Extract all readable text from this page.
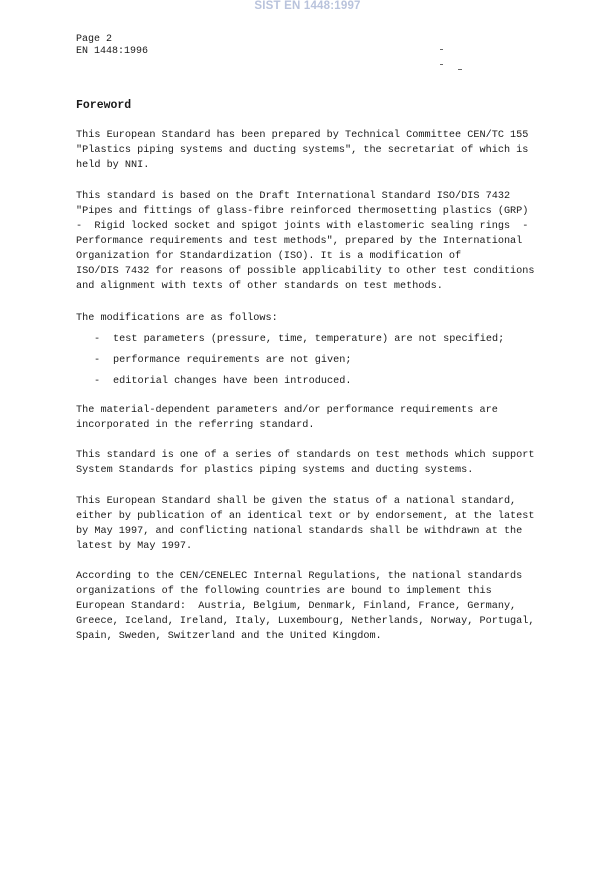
SIST EN 1448:1997
Page 2
EN 1448:1996
Foreword
This European Standard has been prepared by Technical Committee CEN/TC 155
"Plastics piping systems and ducting systems", the secretariat of which is
held by NNI.
This standard is based on the Draft International Standard ISO/DIS 7432
"Pipes and fittings of glass-fibre reinforced thermosetting plastics (GRP)
-  Rigid locked socket and spigot joints with elastomeric sealing rings  -
Performance requirements and test methods", prepared by the International
Organization for Standardization (ISO). It is a modification of
ISO/DIS 7432 for reasons of possible applicability to other test conditions
and alignment with texts of other standards on test methods.
The modifications are as follows:
- test parameters (pressure, time, temperature) are not specified;
- performance requirements are not given;
- editorial changes have been introduced.
The material-dependent parameters and/or performance requirements are
incorporated in the referring standard.
This standard is one of a series of standards on test methods which support
System Standards for plastics piping systems and ducting systems.
This European Standard shall be given the status of a national standard,
either by publication of an identical text or by endorsement, at the latest
by May 1997, and conflicting national standards shall be withdrawn at the
latest by May 1997.
According to the CEN/CENELEC Internal Regulations, the national standards
organizations of the following countries are bound to implement this
European Standard:  Austria, Belgium, Denmark, Finland, France, Germany,
Greece, Iceland, Ireland, Italy, Luxembourg, Netherlands, Norway, Portugal,
Spain, Sweden, Switzerland and the United Kingdom.
